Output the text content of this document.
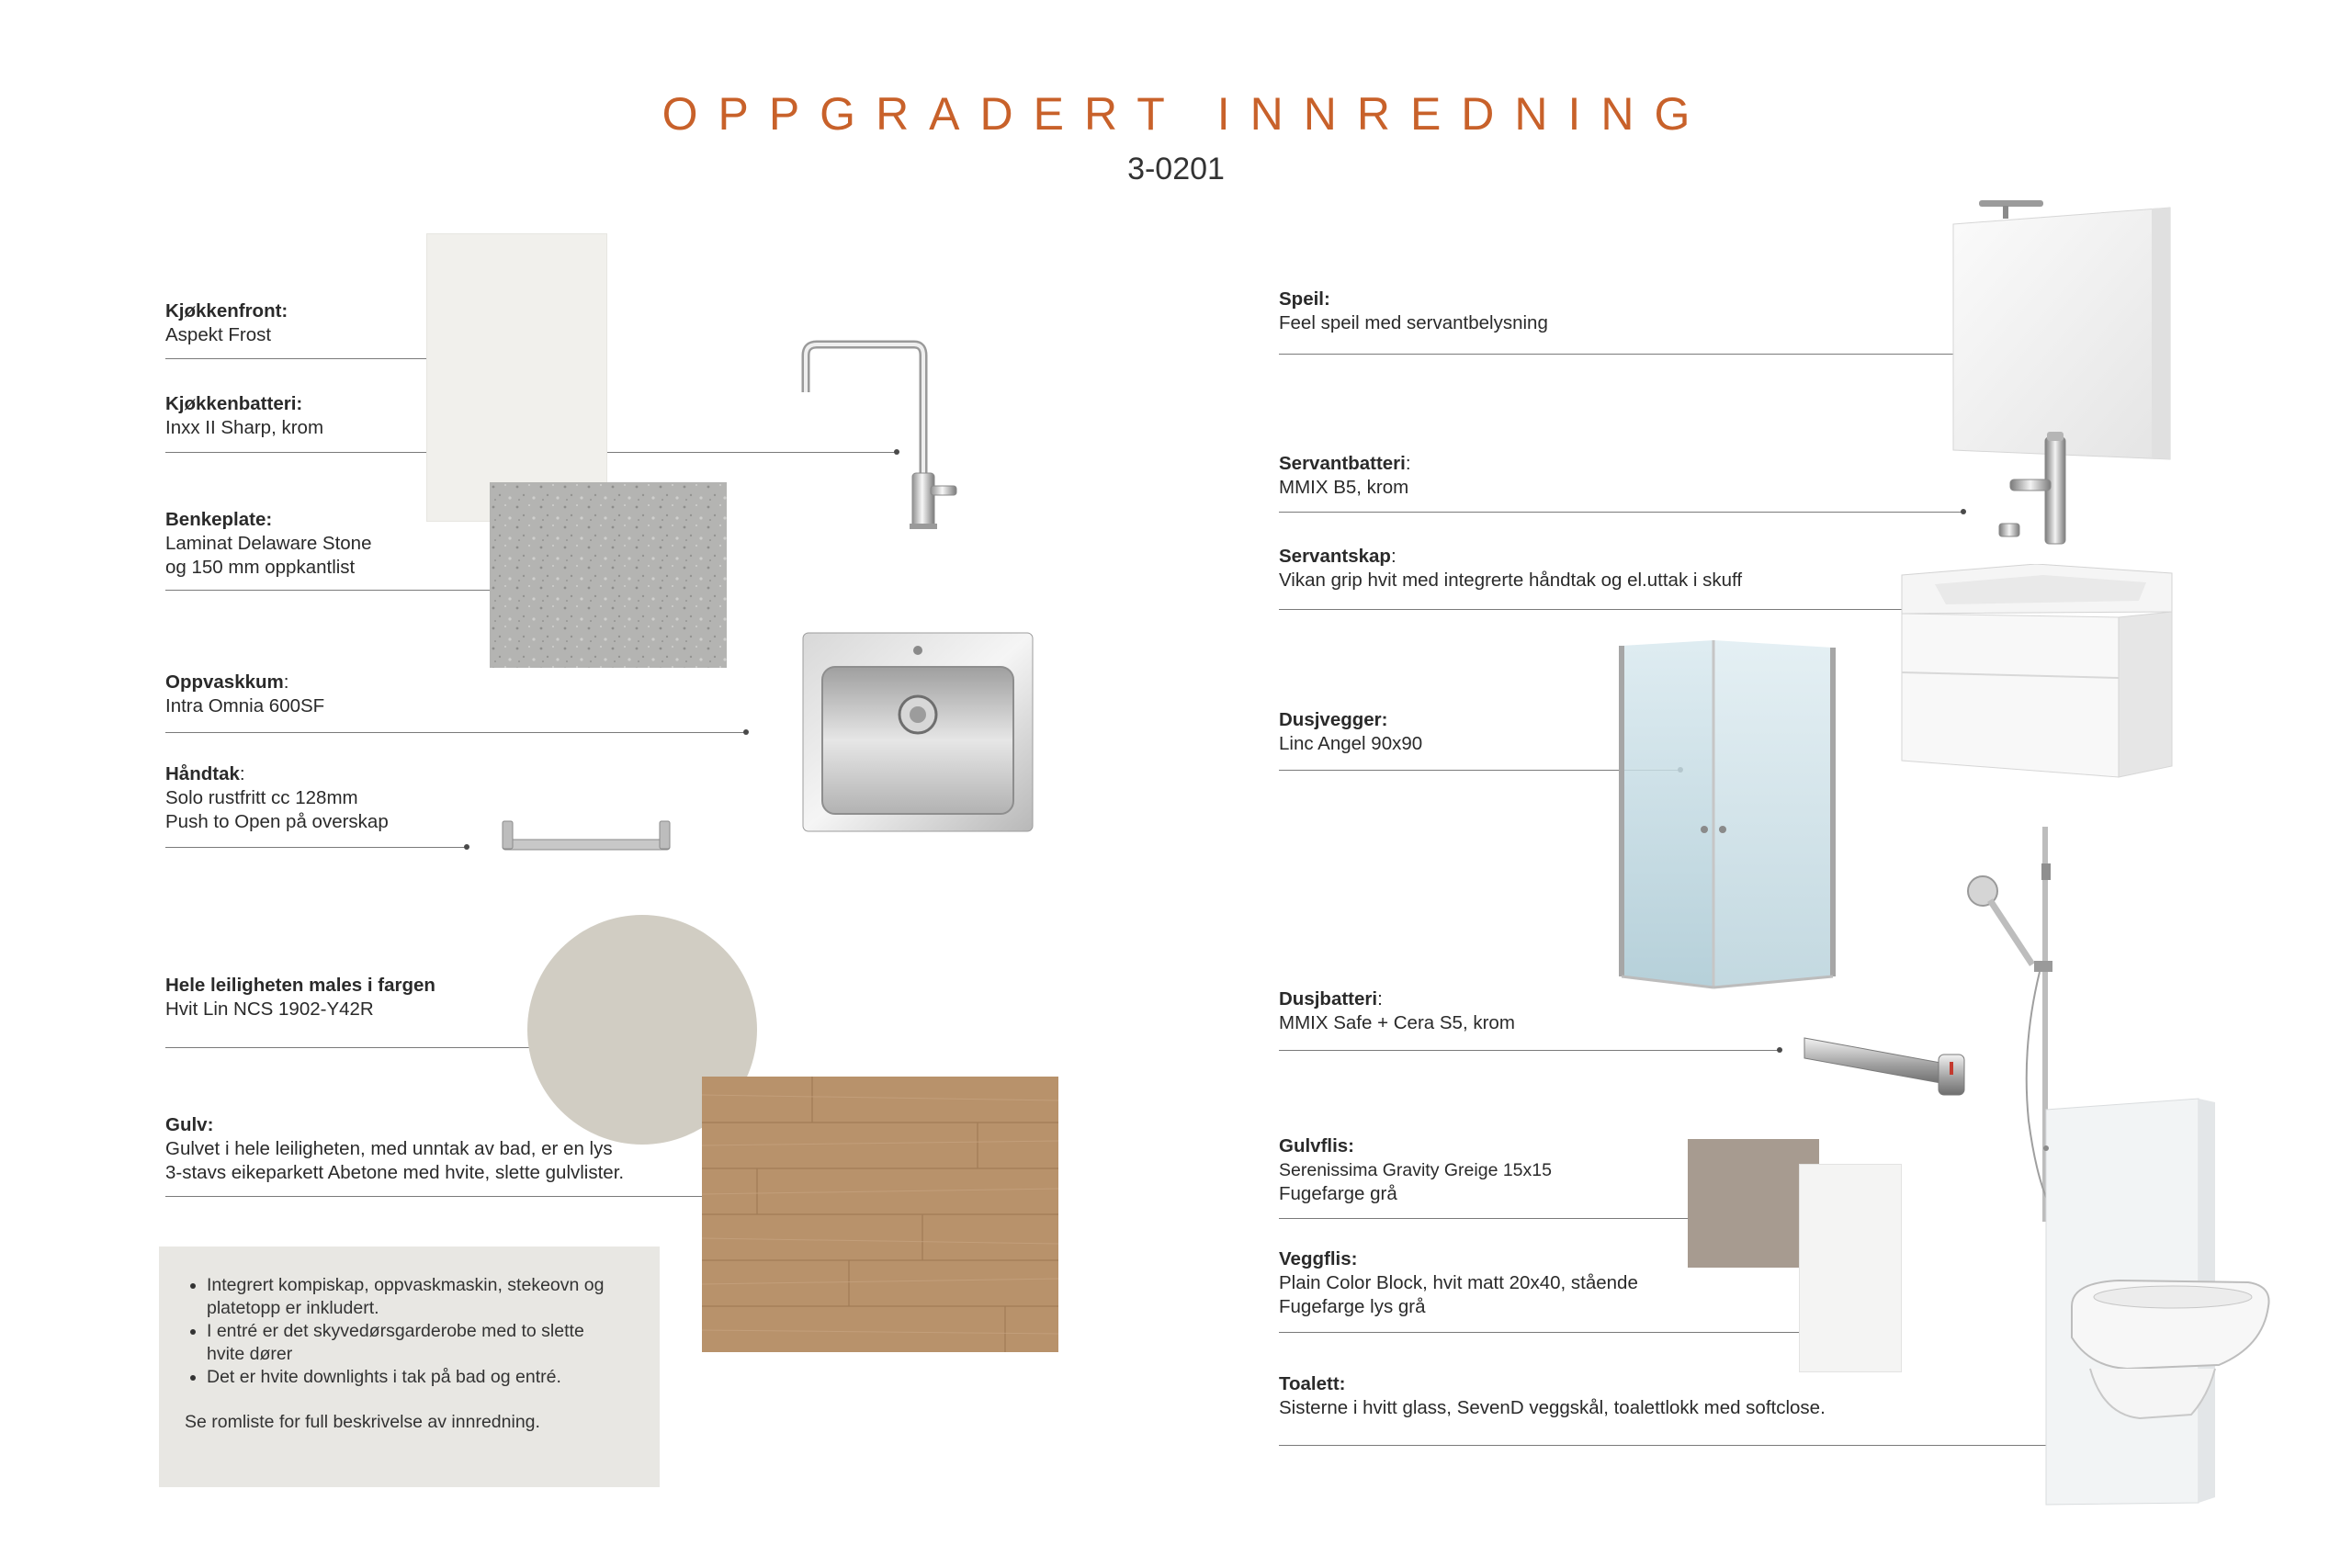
OPPGRADERT INNREDNING
3-0201
Kjøkkenfront:
Aspekt Frost
Kjøkkenbatteri:
Inxx II Sharp, krom
Benkeplate:
Laminat Delaware Stone
og 150 mm oppkantlist
Oppvaskkum:
Intra Omnia 600SF
Håndtak:
Solo rustfritt cc 128mm
Push to Open på overskap
Hele leiligheten males i fargen
Hvit Lin NCS 1902-Y42R
Gulv:
Gulvet i hele leiligheten, med unntak av bad, er en lys
3-stavs eikeparkett Abetone med hvite, slette gulvlister.
• Integrert kompiskap, oppvaskmaskin, stekeovn og platetopp er inkludert.
• I entré er det skyvedørsgarderobe med to slette hvite dører
• Det er hvite downlights i tak på bad og entré.
Se romliste for full beskrivelse av innredning.
Speil:
Feel speil med servantbelysning
Servantbatteri:
MMIX B5, krom
Servantskap:
Vikan grip hvit med integrerte håndtak og el.uttak i skuff
Dusjvegger:
Linc Angel 90x90
Dusjbatteri:
MMIX Safe + Cera S5, krom
Gulvflis:
Serenissima Gravity Greige 15x15
Fugefarge grå
Veggflis:
Plain Color Block, hvit matt 20x40, stående
Fugefarge lys grå
Toalett:
Sisterne i hvitt glass, SevenD veggskål, toalettlokk med softclose.
